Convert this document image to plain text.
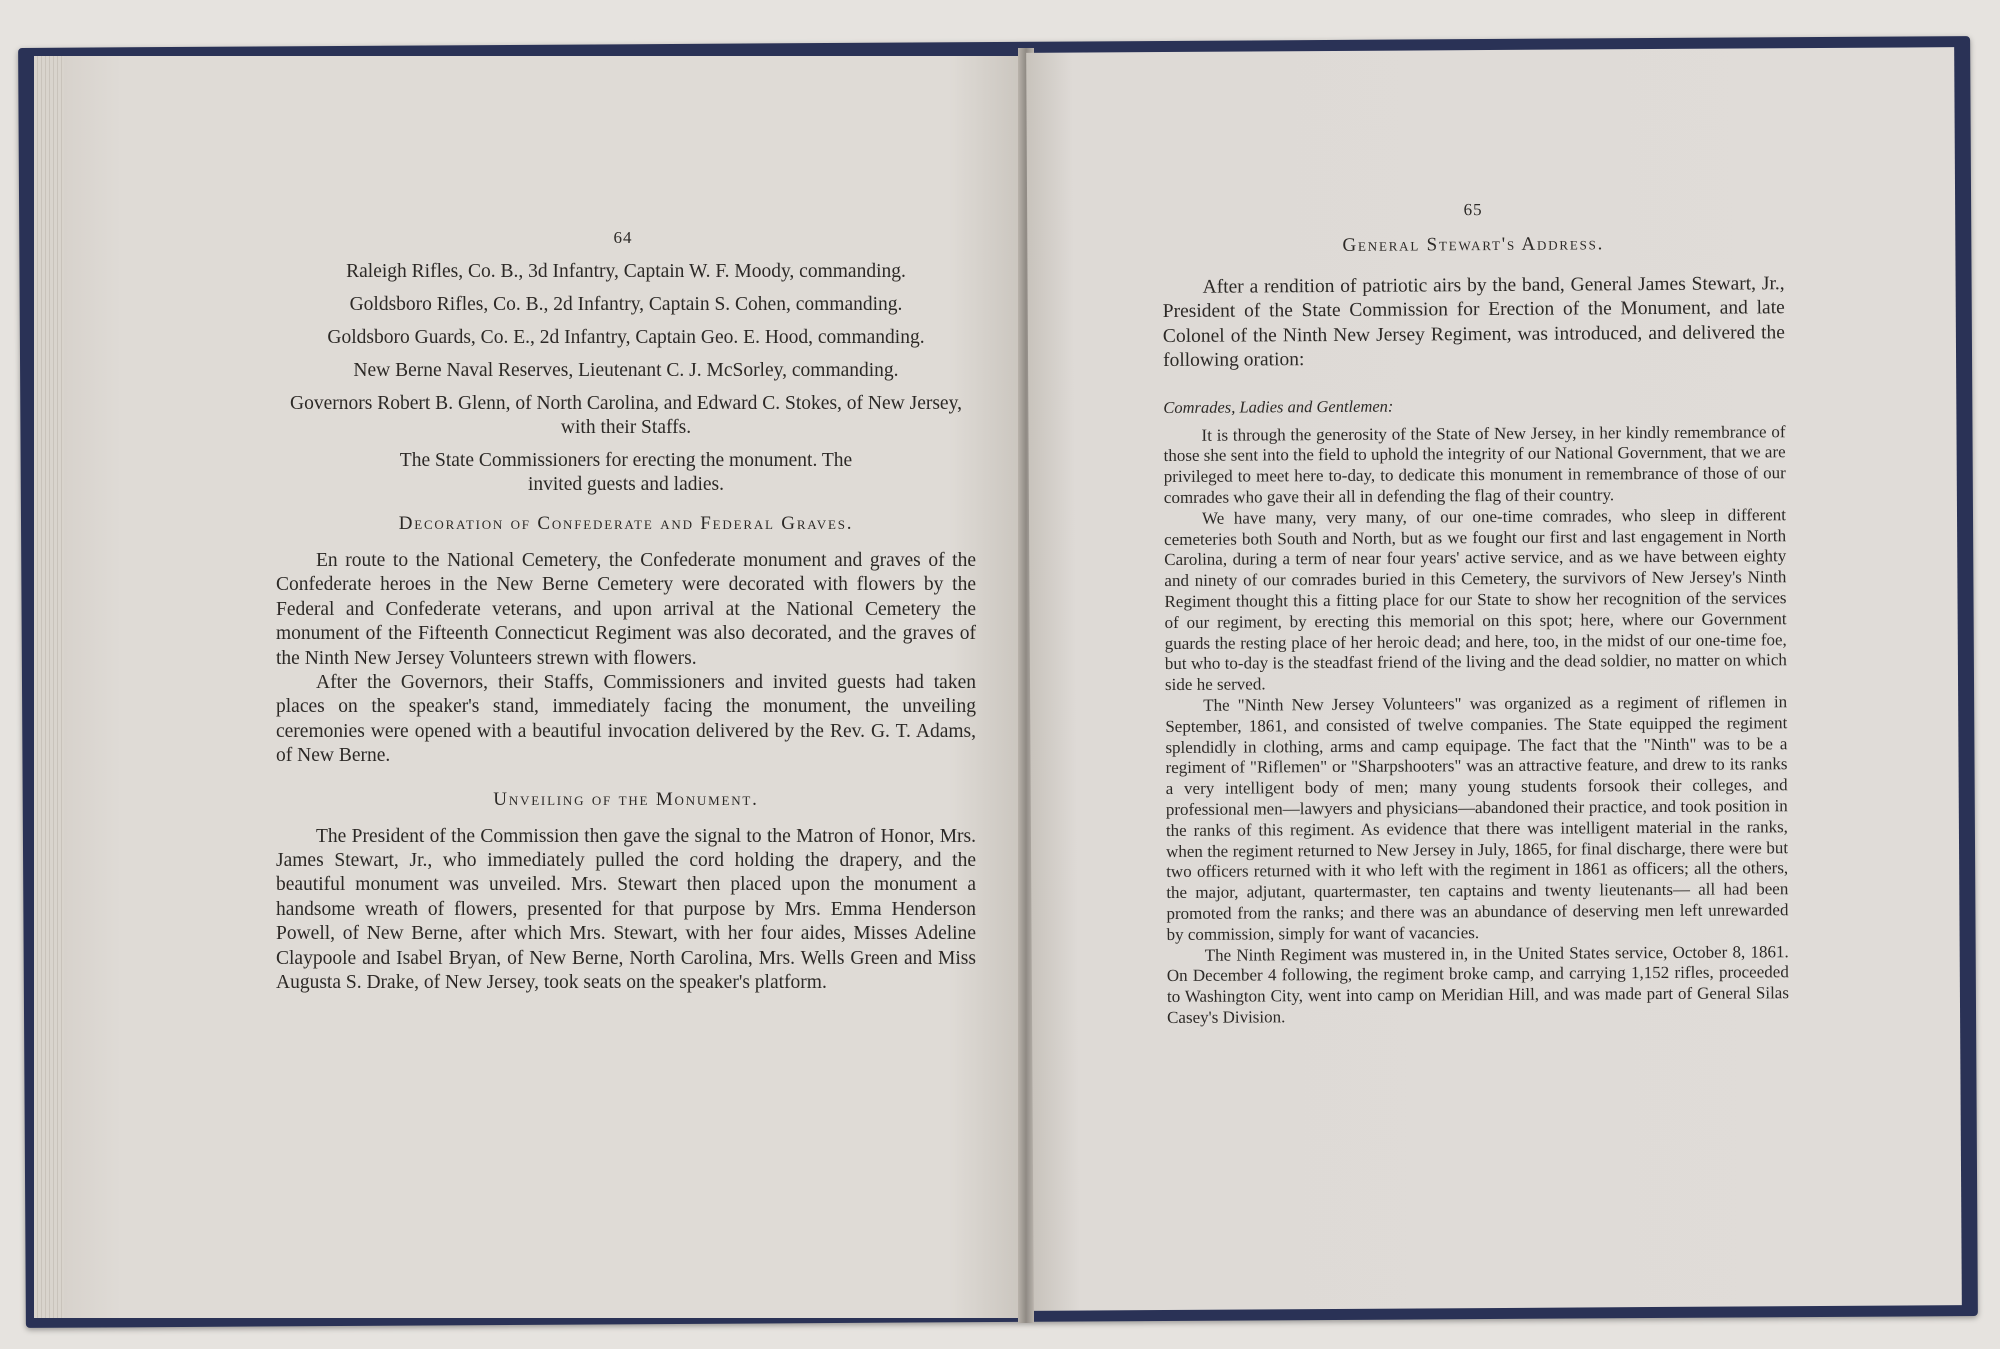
64
Raleigh Rifles, Co. B., 3d Infantry, Captain W. F. Moody, commanding.
Goldsboro Rifles, Co. B., 2d Infantry, Captain S. Cohen, commanding.
Goldsboro Guards, Co. E., 2d Infantry, Captain Geo. E. Hood, commanding.
New Berne Naval Reserves, Lieutenant C. J. McSorley, commanding.
Governors Robert B. Glenn, of North Carolina, and Edward C. Stokes, of New Jersey, with their Staffs.
The State Commissioners for erecting the monument. The invited guests and ladies.
Decoration of Confederate and Federal Graves.

En route to the National Cemetery, the Confederate monument and graves of the Confederate heroes in the New Berne Cemetery were decorated with flowers by the Federal and Confederate veterans, and upon arrival at the National Cemetery the monument of the Fifteenth Connecticut Regiment was also decorated, and the graves of the Ninth New Jersey Volunteers strewn with flowers.

After the Governors, their Staffs, Commissioners and invited guests had taken places on the speaker's stand, immediately facing the monument, the unveiling ceremonies were opened with a beautiful invocation delivered by the Rev. G. T. Adams, of New Berne.

Unveiling of the Monument.

The President of the Commission then gave the signal to the Matron of Honor, Mrs. James Stewart, Jr., who immediately pulled the cord holding the drapery, and the beautiful monument was unveiled. Mrs. Stewart then placed upon the monument a handsome wreath of flowers, presented for that purpose by Mrs. Emma Henderson Powell, of New Berne, after which Mrs. Stewart, with her four aides, Misses Adeline Claypoole and Isabel Bryan, of New Berne, North Carolina, Mrs. Wells Green and Miss Augusta S. Drake, of New Jersey, took seats on the speaker's platform.

65
General Stewart's Address.

After a rendition of patriotic airs by the band, General James Stewart, Jr., President of the State Commission for Erection of the Monument, and late Colonel of the Ninth New Jersey Regiment, was introduced, and delivered the following oration:

Comrades, Ladies and Gentlemen:

It is through the generosity of the State of New Jersey, in her kindly remembrance of those she sent into the field to uphold the integrity of our National Government, that we are privileged to meet here to-day, to dedicate this monument in remembrance of those of our comrades who gave their all in defending the flag of their country.

We have many, very many, of our one-time comrades, who sleep in different cemeteries both South and North, but as we fought our first and last engagement in North Carolina, during a term of near four years' active service, and as we have between eighty and ninety of our comrades buried in this Cemetery, the survivors of New Jersey's Ninth Regiment thought this a fitting place for our State to show her recognition of the services of our regiment, by erecting this memorial on this spot; here, where our Government guards the resting place of her heroic dead; and here, too, in the midst of our one-time foe, but who to-day is the steadfast friend of the living and the dead soldier, no matter on which side he served.

The "Ninth New Jersey Volunteers" was organized as a regiment of riflemen in September, 1861, and consisted of twelve companies. The State equipped the regiment splendidly in clothing, arms and camp equipage. The fact that the "Ninth" was to be a regiment of "Riflemen" or "Sharpshooters" was an attractive feature, and drew to its ranks a very intelligent body of men; many young students forsook their colleges, and professional men—lawyers and physicians—abandoned their practice, and took position in the ranks of this regiment. As evidence that there was intelligent material in the ranks, when the regiment returned to New Jersey in July, 1865, for final discharge, there were but two officers returned with it who left with the regiment in 1861 as officers; all the others, the major, adjutant, quartermaster, ten captains and twenty lieutenants— all had been promoted from the ranks; and there was an abundance of deserving men left unrewarded by commission, simply for want of vacancies.

The Ninth Regiment was mustered in, in the United States service, October 8, 1861. On December 4 following, the regiment broke camp, and carrying 1,152 rifles, proceeded to Washington City, went into camp on Meridian Hill, and was made part of General Silas Casey's Division.
